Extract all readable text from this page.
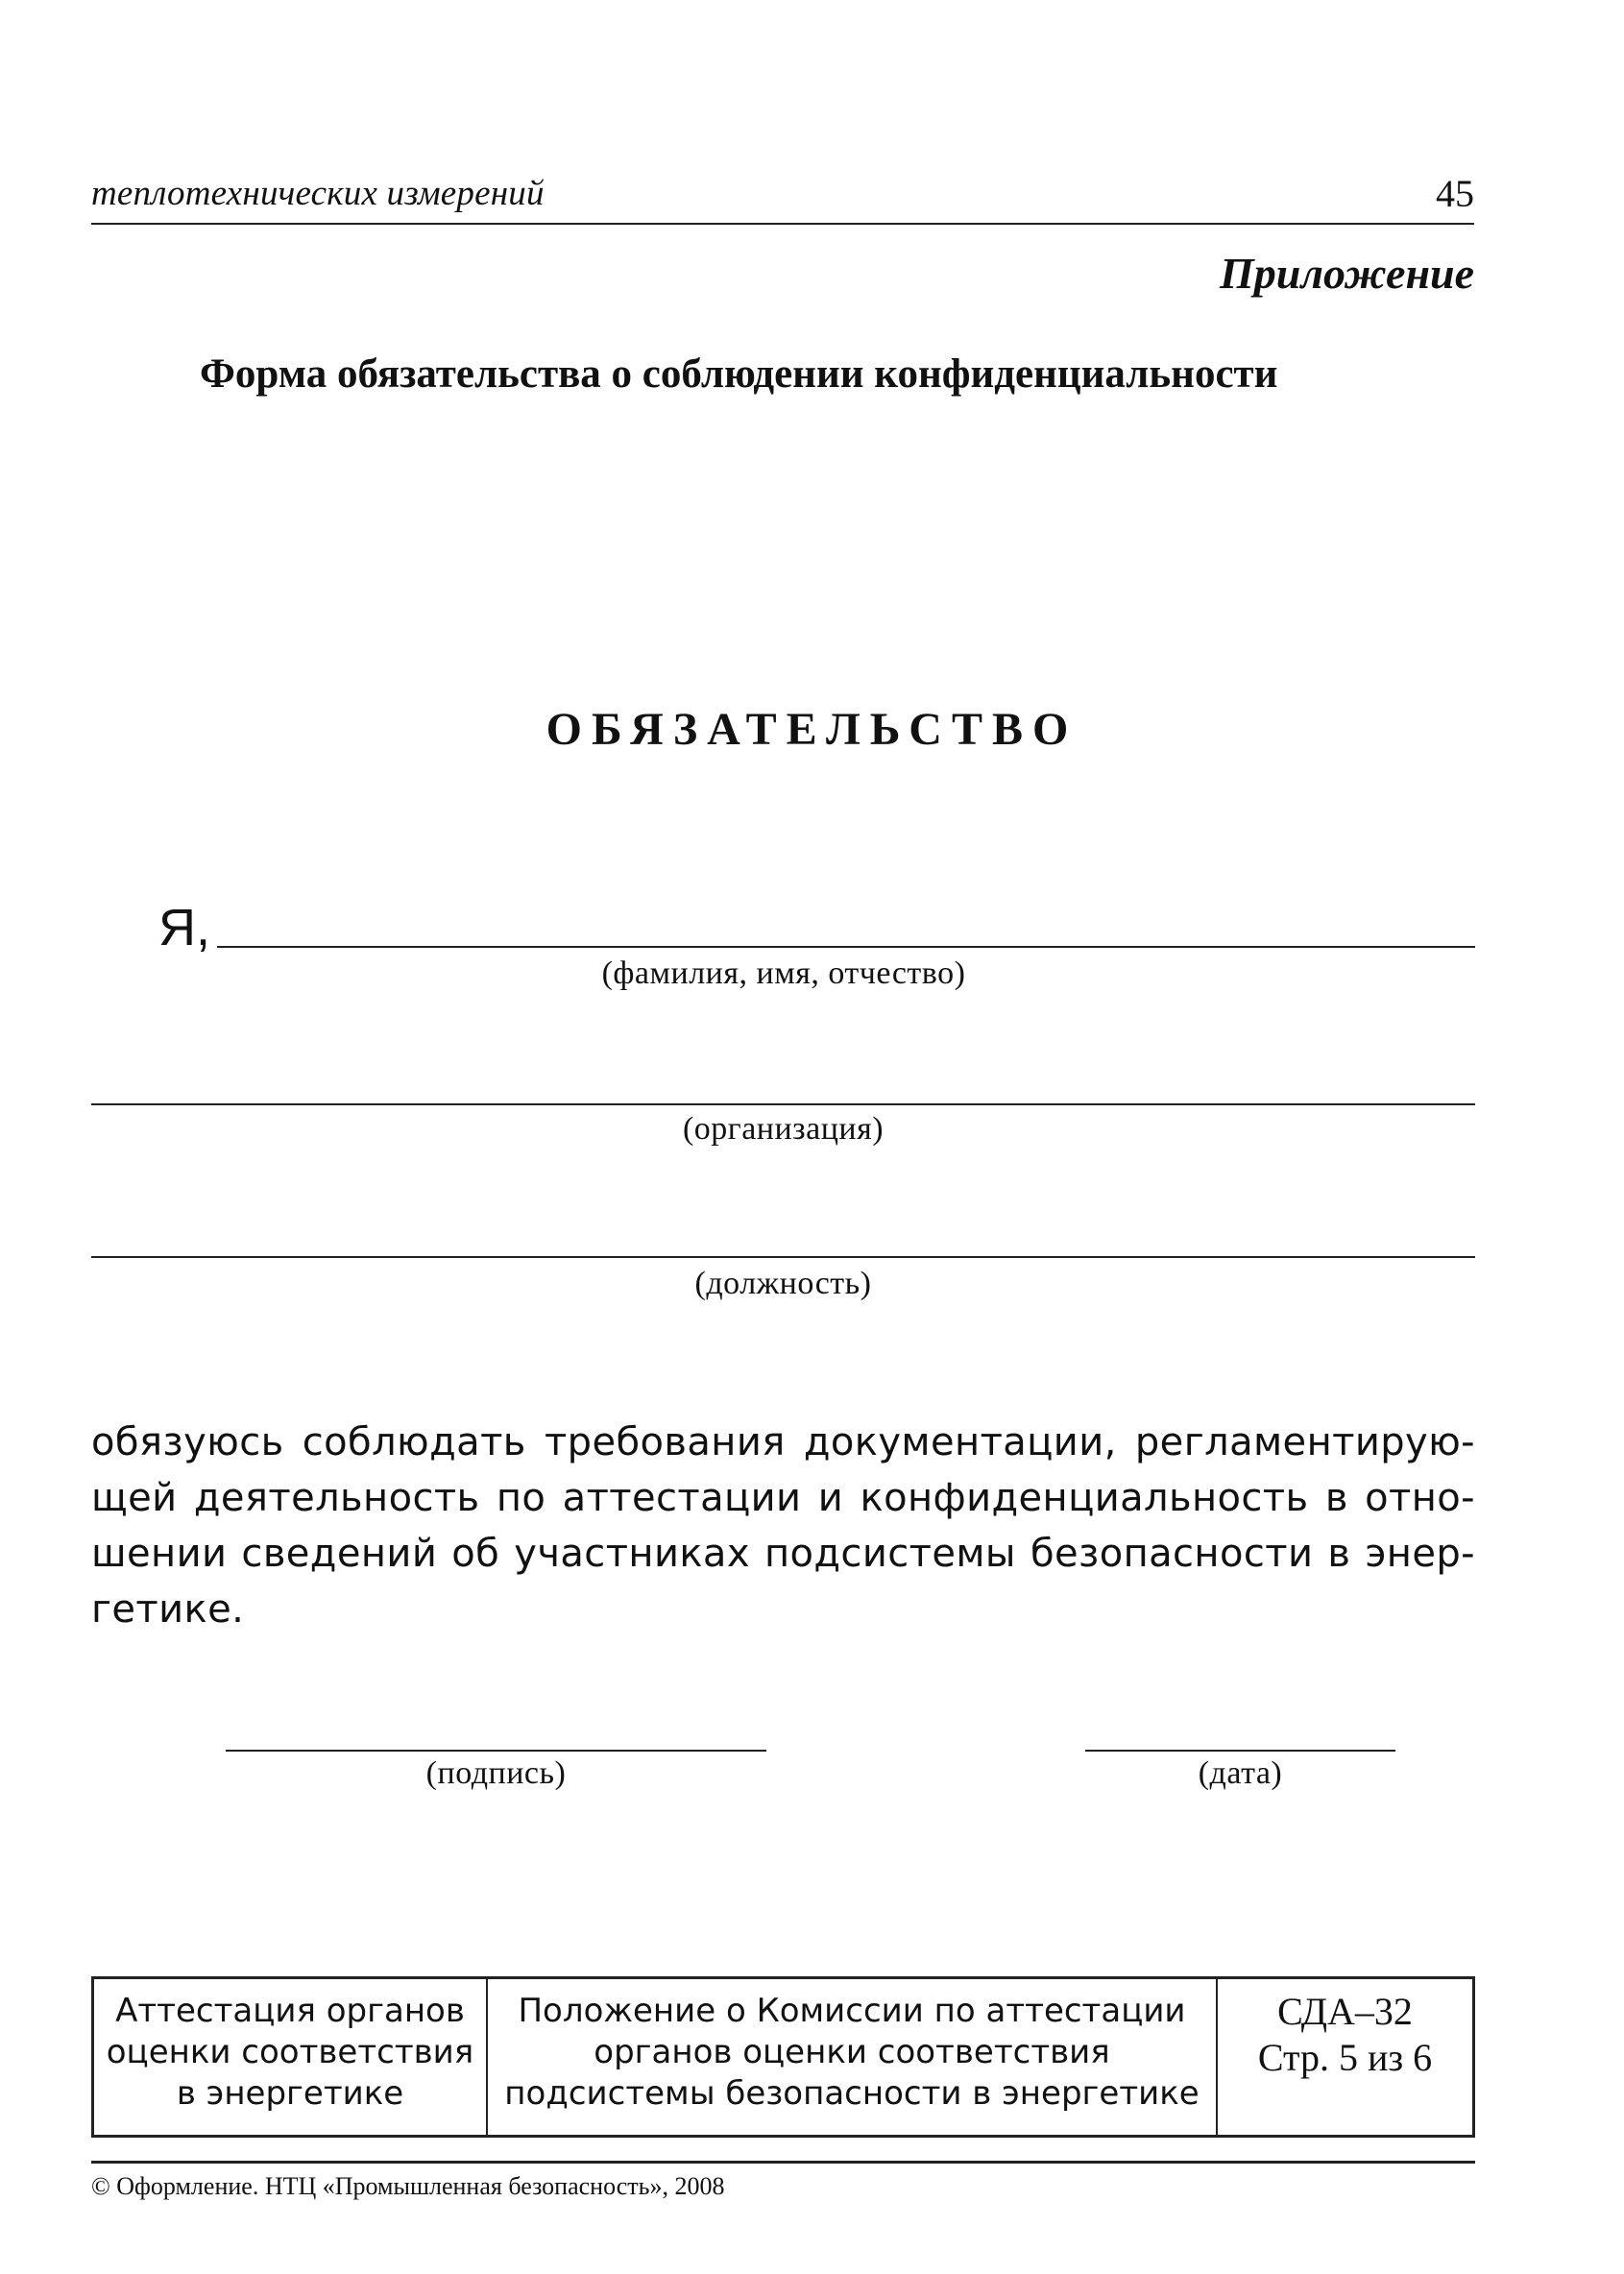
теплотехнических измерений	45
Приложение
Форма обязательства о соблюдении конфиденциальности
ОБЯЗАТЕЛЬСТВО
Я,
(фамилия, имя, отчество)
(организация)
(должность)
обязуюсь соблюдать требования документации, регламентирую-
щей деятельность по аттестации и конфиденциальность в отно-
шении сведений об участниках подсистемы безопасности в энер-
гетике.
(подпись)	(дата)
Аттестация органов
оценки соответствия
в энергетике
Положение о Комиссии по аттестации
органов оценки соответствия
подсистемы безопасности в энергетике
СДА–32
Стр. 5 из 6
© Оформление. НТЦ «Промышленная безопасность», 2008
